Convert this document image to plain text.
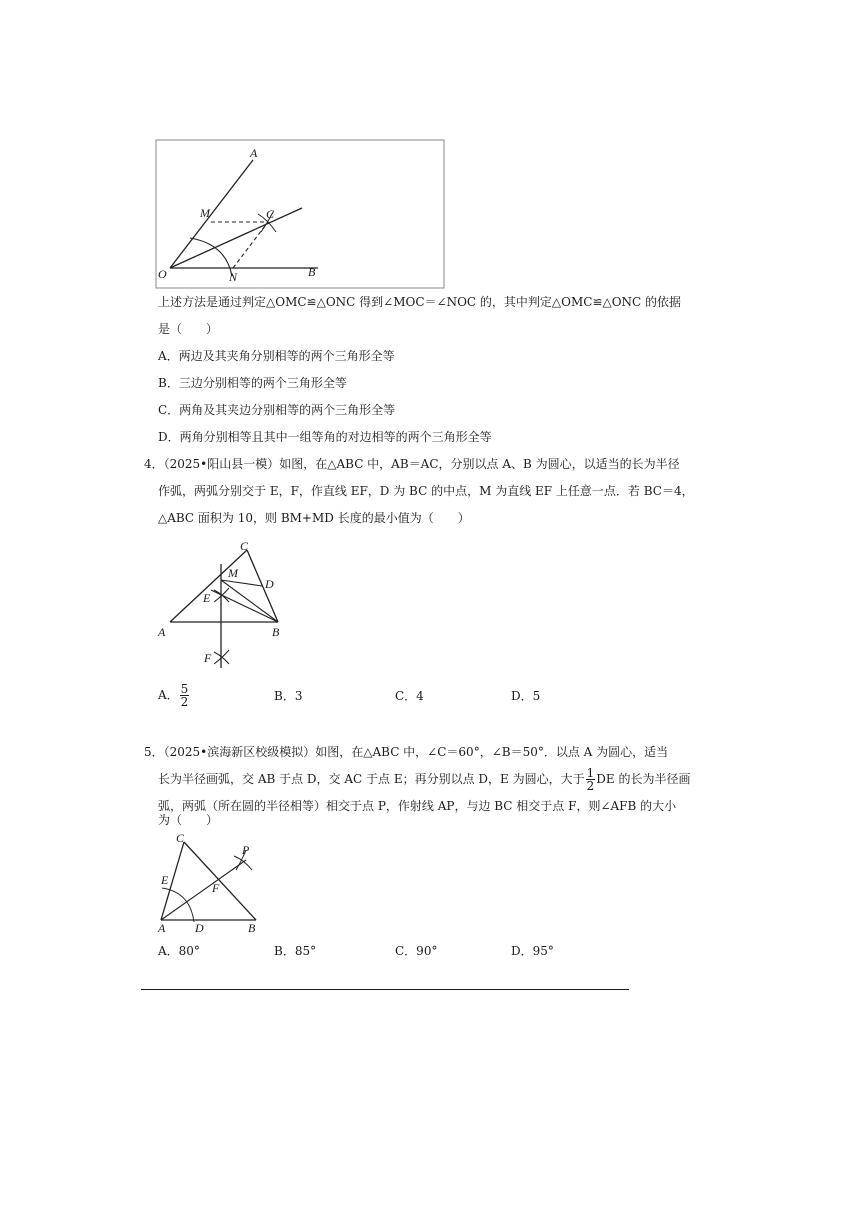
A
M	C
O	N	B
上述方法是通过判定△OMC≌△ONC 得到∠MOC＝∠NOC 的，其中判定△OMC≌△ONC 的依据
是（　　）
A．两边及其夹角分别相等的两个三角形全等
B．三边分别相等的两个三角形全等
C．两角及其夹边分别相等的两个三角形全等
D．两角分别相等且其中一组等角的对边相等的两个三角形全等
4．（2025•阳山县一模）如图，在△ABC 中，AB＝AC，分别以点 A、B 为圆心，以适当的长为半径
作弧，两弧分别交于 E，F，作直线 EF，D 为 BC 的中点，M 为直线 EF 上任意一点．若 BC＝4，
△ABC 面积为 10，则 BM+MD 长度的最小值为（　　）
C
M
D
E
A	B
F
A． $\frac{5}{2}$	B．3	C．4	D．5
5．（2025•滨海新区校级模拟）如图，在△ABC 中，∠C＝60°，∠B＝50°．以点 A 为圆心，适当
长为半径画弧，交 AB 于点 D，交 AC 于点 E；再分别以点 D，E 为圆心，大于 $\frac{1}{2}$ DE 的长为半径画
弧，两弧（所在圆的半径相等）相交于点 P，作射线 AP，与边 BC 相交于点 F，则∠AFB 的大小
为（　　）
C
P
E
F
A D	B
A．80°	B．85°	C．90°	D．95°
